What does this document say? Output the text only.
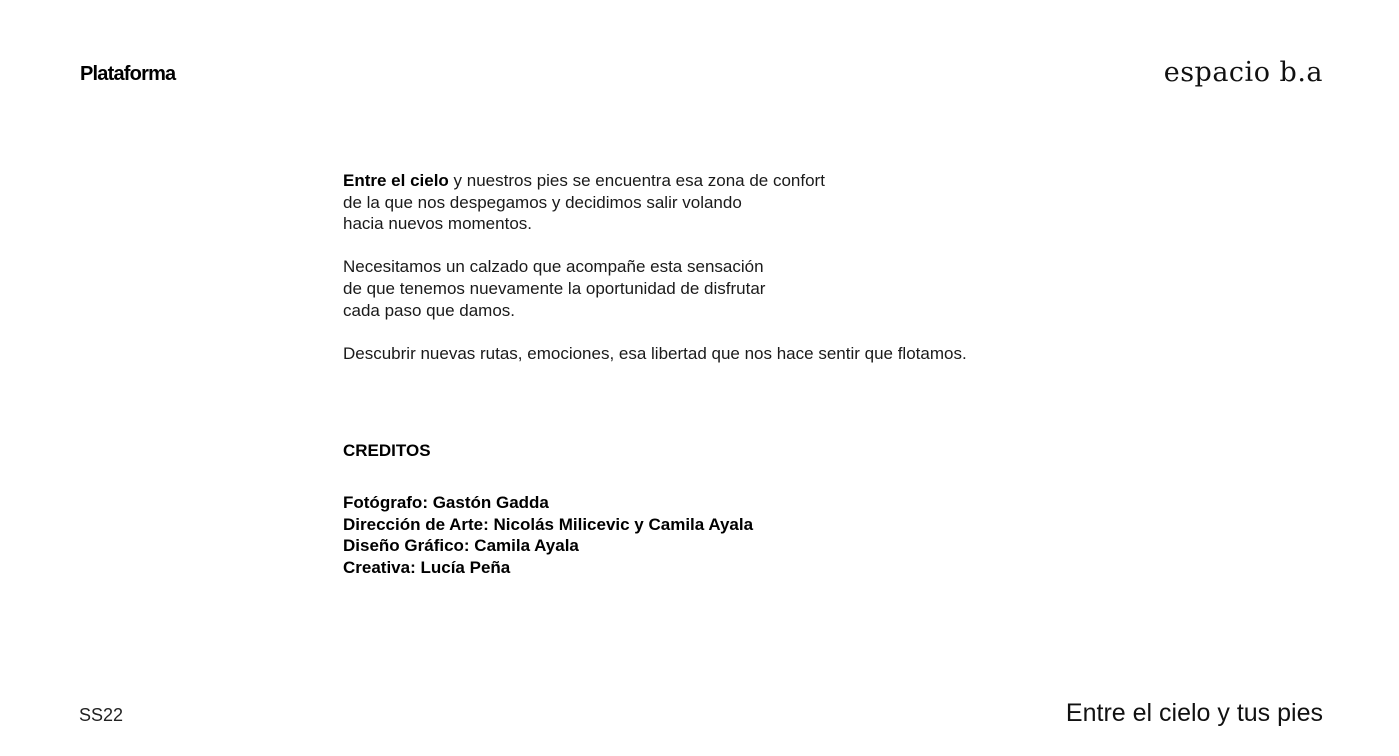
Plataforma	espacio b.a
Entre el cielo y nuestros pies se encuentra esa zona de confort
de la que nos despegamos y decidimos salir volando
hacia nuevos momentos.
Necesitamos un calzado que acompañe esta sensación
de que tenemos nuevamente la oportunidad de disfrutar
cada paso que damos.
Descubrir nuevas rutas, emociones, esa libertad que nos hace sentir que flotamos.
CREDITOS
Fotógrafo: Gastón Gadda
Dirección de Arte: Nicolás Milicevic y Camila Ayala
Diseño Gráfico: Camila Ayala
Creativa: Lucía Peña
SS22	Entre el cielo y tus pies
